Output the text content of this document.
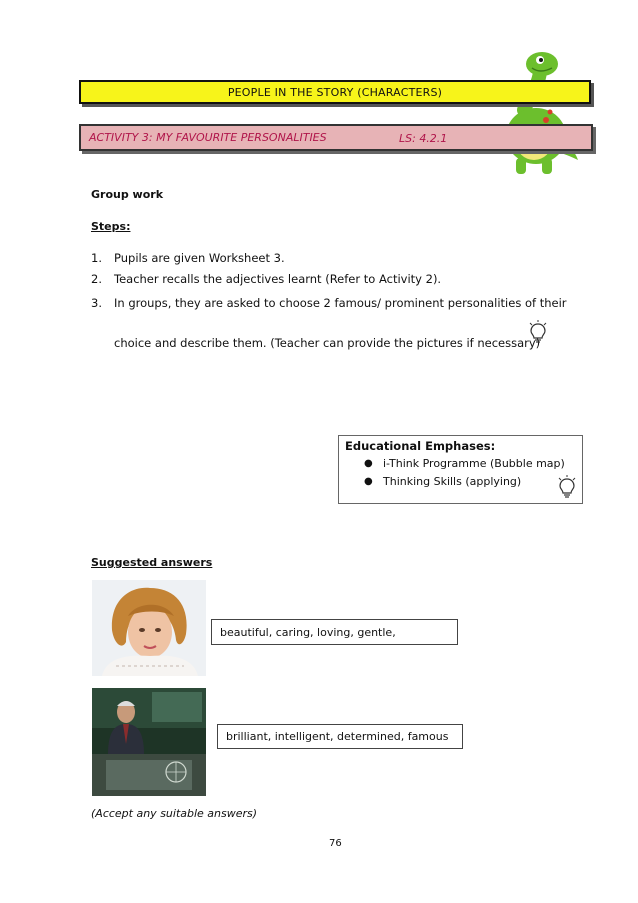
PEOPLE IN THE STORY (CHARACTERS)
ACTIVITY 3: MY FAVOURITE PERSONALITIES	LS: 4.2.1
Group work
Steps:
1. Pupils are given Worksheet 3.
2. Teacher recalls the adjectives learnt (Refer to Activity 2).
3. In groups, they are asked to choose 2 famous/ prominent personalities of their
choice and describe them. (Teacher can provide the pictures if necessary)
Educational Emphases:
● i-Think Programme (Bubble map)
● Thinking Skills (applying)
Suggested answers
beautiful, caring, loving, gentle,
brilliant, intelligent, determined, famous
(Accept any suitable answers)
76
